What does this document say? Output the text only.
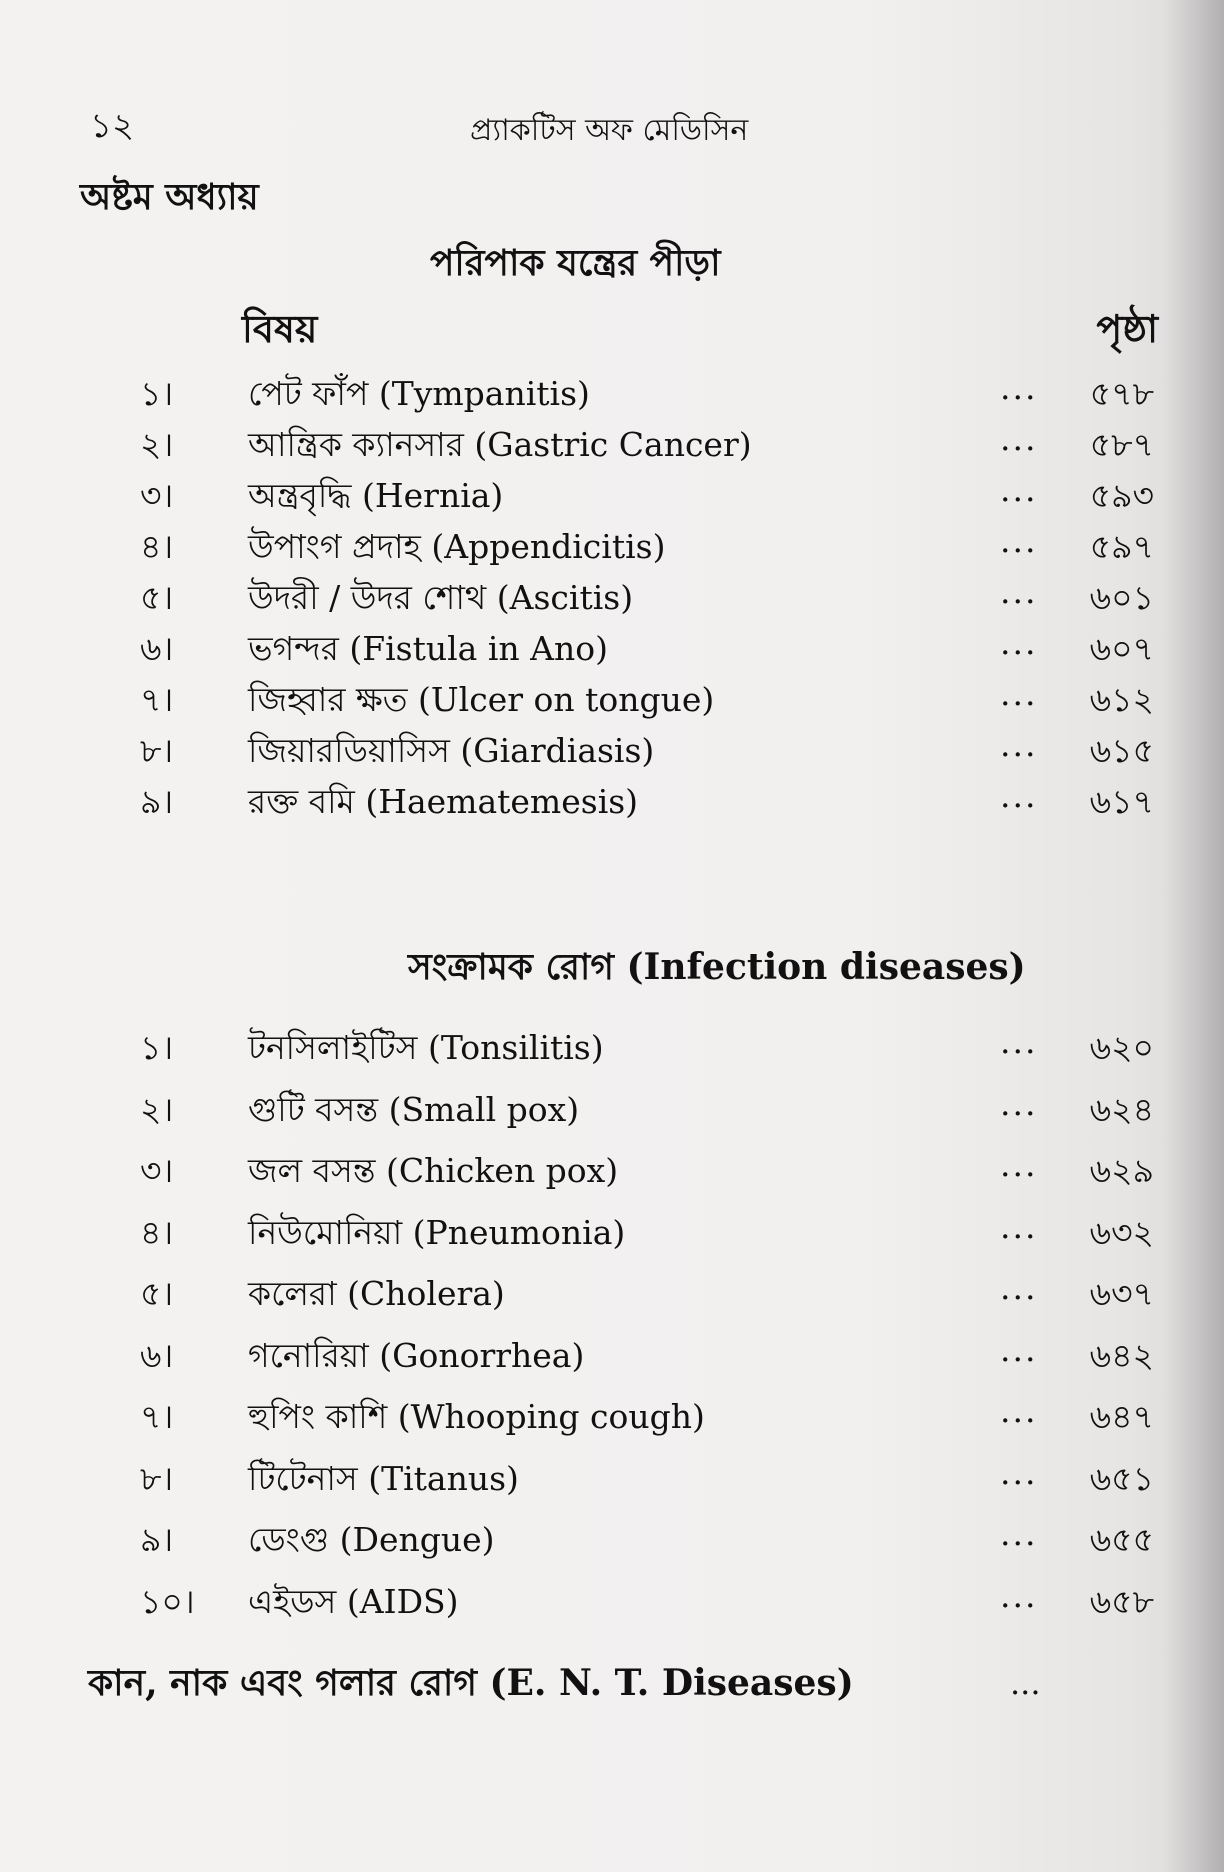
১২	প্র্যাকটিস অফ মেডিসিন
অষ্টম অধ্যায়
পরিপাক যন্ত্রের পীড়া
বিষয়	পৃষ্ঠা
১।	পেট ফাঁপ (Tympanitis)	... ৫৭৮
২।	আন্ত্রিক ক্যানসার (Gastric Cancer)	... ৫৮৭
৩।	অন্ত্রবৃদ্ধি (Hernia)	... ৫৯৩
৪।	উপাংগ প্রদাহ (Appendicitis)	... ৫৯৭
৫।	উদরী / উদর শোথ (Ascitis)	... ৬০১
৬।	ভগন্দর (Fistula in Ano)	... ৬০৭
৭।	জিহ্বার ক্ষত (Ulcer on tongue)	... ৬১২
৮।	জিয়ারডিয়াসিস (Giardiasis)	... ৬১৫
৯।	রক্ত বমি (Haematemesis)	... ৬১৭
সংক্রামক রোগ (Infection diseases)
১।	টনসিলাইটিস (Tonsilitis)	... ৬২০
২।	গুটি বসন্ত (Small pox)	... ৬২৪
৩।	জল বসন্ত (Chicken pox)	... ৬২৯
৪।	নিউমোনিয়া (Pneumonia)	... ৬৩২
৫।	কলেরা (Cholera)	... ৬৩৭
৬।	গনোরিয়া (Gonorrhea)	... ৬৪২
৭।	হুপিং কাশি (Whooping cough)	... ৬৪৭
৮।	টিটেনাস (Titanus)	... ৬৫১
৯।	ডেংগু (Dengue)	... ৬৫৫
১০।	এইডস (AIDS)	... ৬৫৮
কান, নাক এবং গলার রোগ (E. N. T. Diseases)	...
